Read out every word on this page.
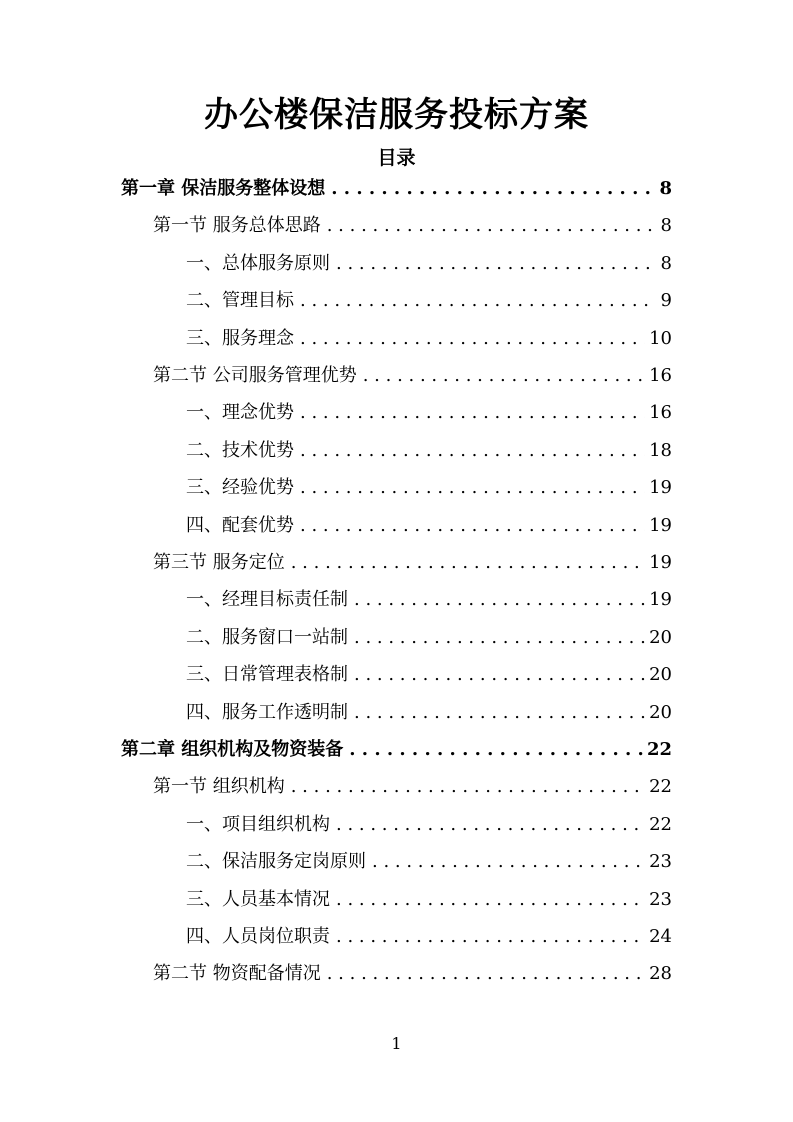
办公楼保洁服务投标方案
目录
第一章 保洁服务整体设想 . . .	8
第一节 服务总体思路 . . .	8
一、总体服务原则 . . .	8
二、管理目标 . . .	9
三、服务理念 . . .	10
第二节 公司服务管理优势 . . .	16
一、理念优势 . . .	16
二、技术优势 . . .	18
三、经验优势 . . .	19
四、配套优势 . . .	19
第三节 服务定位 . . .	19
一、经理目标责任制 . . .	19
二、服务窗口一站制 . . .	20
三、日常管理表格制 . . .	20
四、服务工作透明制 . . .	20
第二章 组织机构及物资装备 . . .	22
第一节 组织机构 . . .	22
一、项目组织机构 . . .	22
二、保洁服务定岗原则 . . .	23
三、人员基本情况 . . .	23
四、人员岗位职责 . . .	24
第二节 物资配备情况 . . .	28
1
